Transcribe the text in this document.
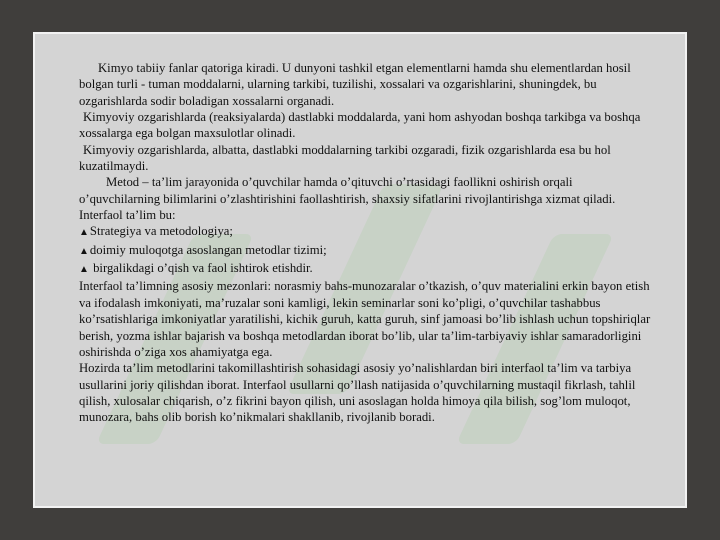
Kimyo tabiiy fanlar qatoriga kiradi. U dunyoni tashkil etgan elementlarni hamda shu elementlardan hosil bolgan turli - tuman moddalarni, ularning tarkibi, tuzilishi, xossalari va ozgarishlarini, shuningdek, bu ozgarishlarda sodir boladigan xossalarni organadi.

Kimyoviy ozgarishlarda (reaksiyalarda) dastlabki moddalarda, yani hom ashyodan boshqa tarkibga va boshqa xossalarga ega bolgan maxsulotlar olinadi.

Kimyoviy ozgarishlarda, albatta, dastlabki moddalarning tarkibi ozgaradi, fizik ozgarishlarda esa bu hol kuzatilmaydi.

Metod – ta’lim jarayonida o’quvchilar hamda o’qituvchi o’rtasidagi faollikni oshirish orqali o’quvchilarning bilimlarini o’zlashtirishini faollashtirish, shaxsiy sifatlarini rivojlantirishga xizmat qiladi.

Interfaol ta’lim bu:

▲Strategiya va metodologiya;

▲doimiy muloqotga asoslangan metodlar tizimi;

▲ birgalikdagi o’qish va faol ishtirok etishdir.

Interfaol ta’limning asosiy mezonlari: norasmiy bahs-munozaralar o’tkazish, o’quv materialini erkin bayon etish va ifodalash imkoniyati, ma’ruzalar soni kamligi, lekin seminarlar soni ko’pligi, o’quvchilar tashabbus ko’rsatishlariga imkoniyatlar yaratilishi, kichik guruh, katta guruh, sinf jamoasi bo’lib ishlash uchun topshiriqlar berish, yozma ishlar bajarish va boshqa metodlardan iborat bo’lib, ular ta’lim-tarbiyaviy ishlar samaradorligini oshirishda o’ziga xos ahamiyatga ega.

Hozirda ta’lim metodlarini takomillashtirish sohasidagi asosiy yo’nalishlardan biri interfaol ta’lim va tarbiya usullarini joriy qilishdan iborat. Interfaol usullarni qo’llash natijasida o’quvchilarning mustaqil fikrlash, tahlil qilish, xulosalar chiqarish, o’z fikrini bayon qilish, uni asoslagan holda himoya qila bilish, sog’lom muloqot, munozara, bahs olib borish ko’nikmalari shakllanib, rivojlanib boradi.
